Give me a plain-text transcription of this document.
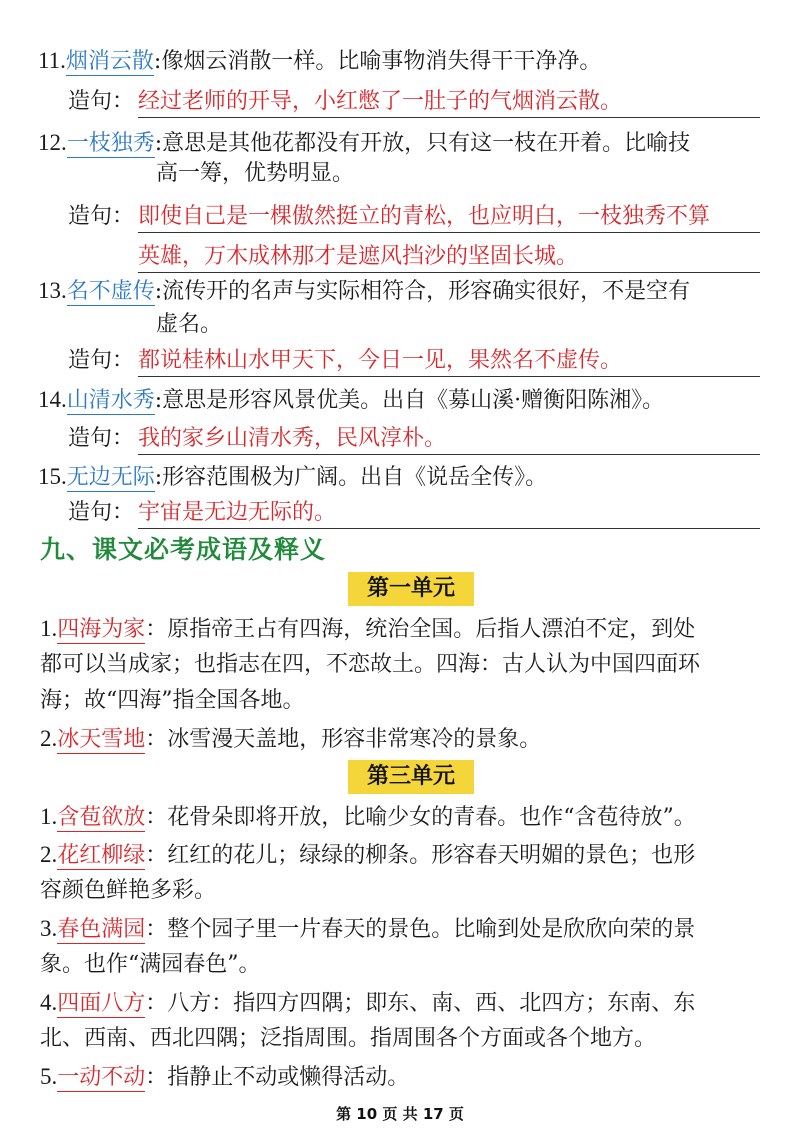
11.烟消云散:像烟云消散一样。比喻事物消失得干干净净。
造句： 经过老师的开导，小红憋了一肚子的气烟消云散。
12.一枝独秀:意思是其他花都没有开放，只有这一枝在开着。比喻技
高一筹，优势明显。
造句： 即使自己是一棵傲然挺立的青松，也应明白，一枝独秀不算
英雄，万木成林那才是遮风挡沙的坚固长城。
13.名不虚传:流传开的名声与实际相符合，形容确实很好，不是空有
虚名。
造句： 都说桂林山水甲天下，今日一见，果然名不虚传。
14.山清水秀:意思是形容风景优美。出自《募山溪·赠衡阳陈湘》。
造句： 我的家乡山清水秀，民风淳朴。
15.无边无际:形容范围极为广阔。出自《说岳全传》。
造句： 宇宙是无边无际的。
九、课文必考成语及释义
第一单元
1.四海为家：原指帝王占有四海，统治全国。后指人漂泊不定，到处
都可以当成家；也指志在四，不恋故土。四海：古人认为中国四面环
海；故“四海”指全国各地。
2.冰天雪地：冰雪漫天盖地，形容非常寒冷的景象。
第三单元
1.含苞欲放：花骨朵即将开放，比喻少女的青春。也作“含苞待放”。
2.花红柳绿：红红的花儿；绿绿的柳条。形容春天明媚的景色；也形
容颜色鲜艳多彩。
3.春色满园：整个园子里一片春天的景色。比喻到处是欣欣向荣的景
象。也作“满园春色”。
4.四面八方：八方：指四方四隅；即东、南、西、北四方；东南、东
北、西南、西北四隅；泛指周围。指周围各个方面或各个地方。
5.一动不动：指静止不动或懒得活动。
第 10 页 共 17 页
